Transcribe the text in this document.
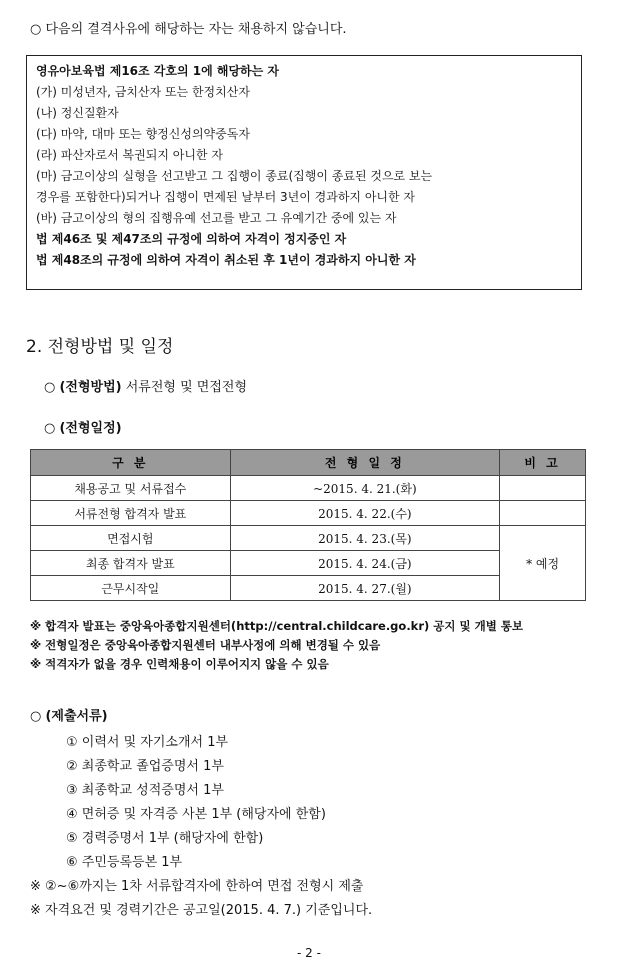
○ 다음의 결격사유에 해당하는 자는 채용하지 않습니다.
영유아보육법 제16조 각호의 1에 해당하는 자
(가) 미성년자, 금치산자 또는 한정치산자
(나) 정신질환자
(다) 마약, 대마 또는 향정신성의약중독자
(라) 파산자로서 복권되지 아니한 자
(마) 금고이상의 실형을 선고받고 그 집행이 종료(집행이 종료된 것으로 보는
경우를 포함한다)되거나 집행이 면제된 날부터 3년이 경과하지 아니한 자
(바) 금고이상의 형의 집행유예 선고를 받고 그 유예기간 중에 있는 자
법 제46조 및 제47조의 규정에 의하여 자격이 정지중인 자
법 제48조의 규정에 의하여 자격이 취소된 후 1년이 경과하지 아니한 자
2. 전형방법 및 일정
○ (전형방법) 서류전형 및 면접전형
○ (전형일정)
구 분	전 형 일 정	비 고
채용공고 및 서류접수	~2015. 4. 21.(화)	
서류전형 합격자 발표	2015. 4. 22.(수)	
면접시험	2015. 4. 23.(목)	* 예정
최종 합격자 발표	2015. 4. 24.(금)	
근무시작일	2015. 4. 27.(월)	
※ 합격자 발표는 중앙육아종합지원센터(http://central.childcare.go.kr) 공지 및 개별 통보
※ 전형일정은 중앙육아종합지원센터 내부사정에 의해 변경될 수 있음
※ 적격자가 없을 경우 인력채용이 이루어지지 않을 수 있음
○ (제출서류)
① 이력서 및 자기소개서 1부
② 최종학교 졸업증명서 1부
③ 최종학교 성적증명서 1부
④ 면허증 및 자격증 사본 1부 (해당자에 한함)
⑤ 경력증명서 1부 (해당자에 한함)
⑥ 주민등록등본 1부
※ ②~⑥까지는 1차 서류합격자에 한하여 면접 전형시 제출
※ 자격요건 및 경력기간은 공고일(2015. 4. 7.) 기준입니다.
- 2 -
